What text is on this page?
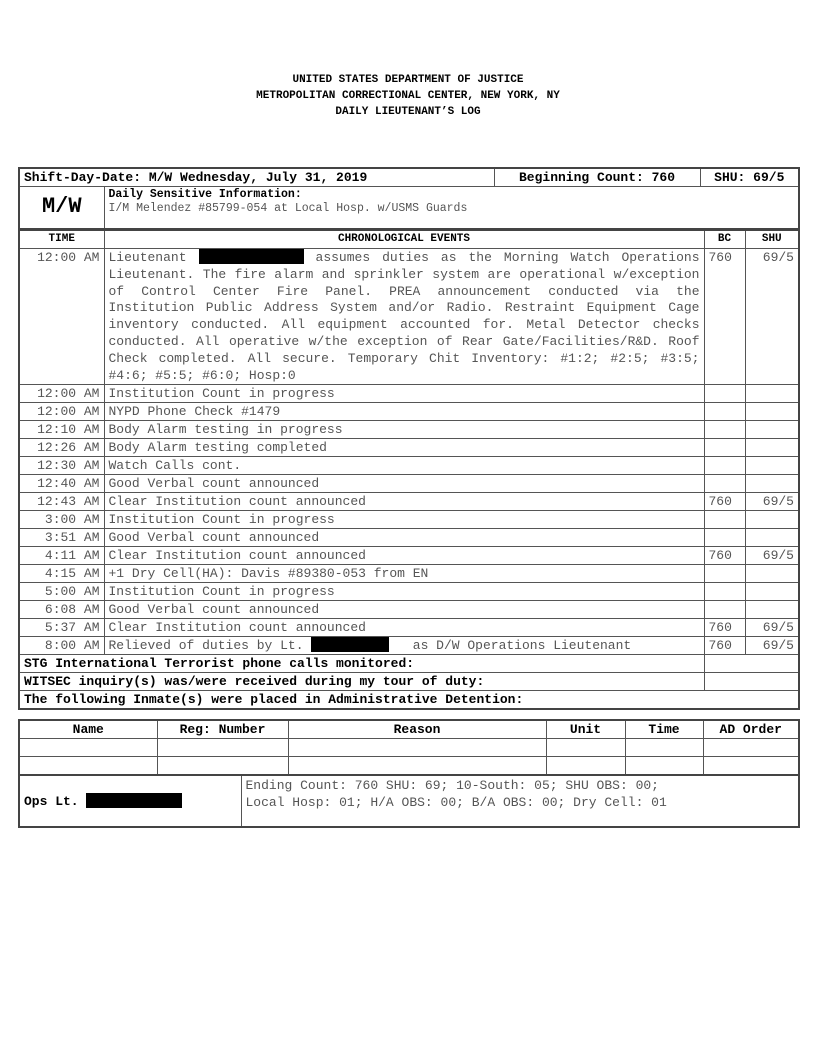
UNITED STATES DEPARTMENT OF JUSTICE
METROPOLITAN CORRECTIONAL CENTER, NEW YORK, NY
DAILY LIEUTENANT’S LOG
Shift-Day-Date: M/W Wednesday, July 31, 2019		Beginning Count: 760	SHU: 69/5
M/W	Daily Sensitive Information:
I/M Melendez #85799-054 at Local Hosp. w/USMS Guards		
TIME	CHRONOLOGICAL EVENTS	BC	SHU
12:00 AM	Lieutenant assumes duties as the Morning Watch Operations Lieutenant. The fire alarm and sprinkler system are operational w/exception of Control Center Fire Panel. PREA announcement conducted via the Institution Public Address System and/or Radio. Restraint Equipment Cage inventory conducted. All equipment accounted for. Metal Detector checks conducted. All operative w/the exception of Rear Gate/Facilities/R&D. Roof Check completed. All secure. Temporary Chit Inventory: #1:2; #2:5; #3:5; #4:6; #5:5; #6:0; Hosp:0	760	69/5
12:00 AM	Institution Count in progress		
12:00 AM	NYPD Phone Check #1479		
12:10 AM	Body Alarm testing in progress		
12:26 AM	Body Alarm testing completed		
12:30 AM	Watch Calls cont.		
12:40 AM	Good Verbal count announced		
12:43 AM	Clear Institution count announced	760	69/5
3:00 AM	Institution Count in progress		
3:51 AM	Good Verbal count announced		
4:11 AM	Clear Institution count announced	760	69/5
4:15 AM	+1 Dry Cell(HA): Davis #89380-053 from EN		
5:00 AM	Institution Count in progress		
6:08 AM	Good Verbal count announced		
5:37 AM	Clear Institution count announced	760	69/5
8:00 AM	Relieved of duties by Lt. as D/W Operations Lieutenant	760	69/5
STG International Terrorist phone calls monitored:			
WITSEC inquiry(s) was/were received during my tour of duty:			
The following Inmate(s) were placed in Administrative Detention:			
Name	Reg: Number	Reason	Unit	Time	AD Order

Ops Lt.	
Ending Count: 760 SHU: 69; 10-South: 05; SHU OBS: 00;
Local Hosp: 01; H/A OBS: 00; B/A OBS: 00; Dry Cell: 01
